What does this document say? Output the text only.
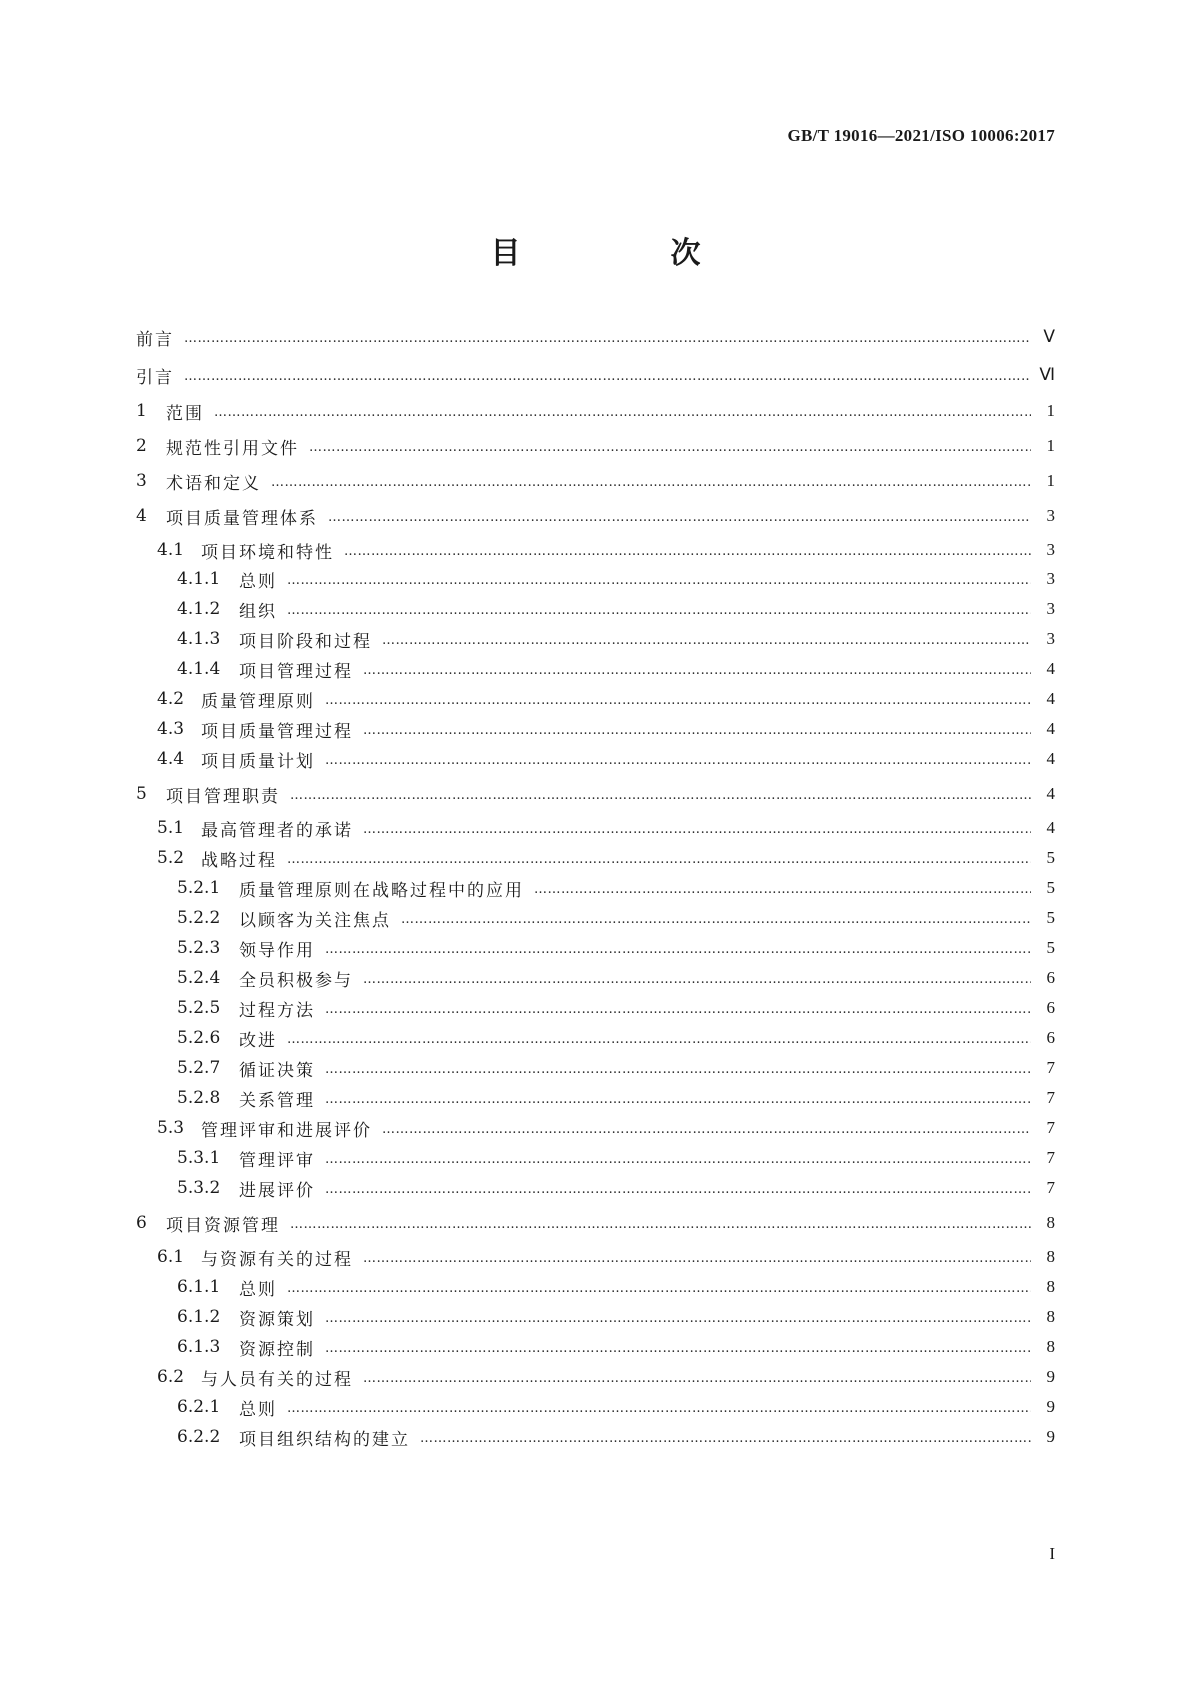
GB/T 19016—2021/ISO 10006:2017
目　次
前言 …………………………………………………………………………………………………………………………………………………………………………………………………………	Ⅴ
引言 …………………………………………………………………………………………………………………………………………………………………………………………………………	Ⅵ
1	范围 …………………………………………………………………………………………………………………………………………………………………………………………………………	1
2	规范性引用文件 …………………………………………………………………………………………………………………………………………………………………………………………………………	1
3	术语和定义 …………………………………………………………………………………………………………………………………………………………………………………………………………	1
4	项目质量管理体系 …………………………………………………………………………………………………………………………………………………………………………………………………………	3
4.1 项目环境和特性 …………………………………………………………………………………………………………………………………………………………………………………………………………	3
4.1.1	总则 …………………………………………………………………………………………………………………………………………………………………………………………………………	3
4.1.2	组织 …………………………………………………………………………………………………………………………………………………………………………………………………………	3
4.1.3	项目阶段和过程 …………………………………………………………………………………………………………………………………………………………………………………………………………	3
4.1.4	项目管理过程 …………………………………………………………………………………………………………………………………………………………………………………………………………	4
4.2 质量管理原则 …………………………………………………………………………………………………………………………………………………………………………………………………………	4
4.3 项目质量管理过程 …………………………………………………………………………………………………………………………………………………………………………………………………………	4
4.4 项目质量计划 …………………………………………………………………………………………………………………………………………………………………………………………………………	4
5	项目管理职责 …………………………………………………………………………………………………………………………………………………………………………………………………………	4
5.1 最高管理者的承诺 …………………………………………………………………………………………………………………………………………………………………………………………………………	4
5.2 战略过程 …………………………………………………………………………………………………………………………………………………………………………………………………………	5
5.2.1	质量管理原则在战略过程中的应用 …………………………………………………………………………………………………………………………………………………………………………………………………………	5
5.2.2	以顾客为关注焦点 …………………………………………………………………………………………………………………………………………………………………………………………………………	5
5.2.3	领导作用 …………………………………………………………………………………………………………………………………………………………………………………………………………	5
5.2.4	全员积极参与 …………………………………………………………………………………………………………………………………………………………………………………………………………	6
5.2.5	过程方法 …………………………………………………………………………………………………………………………………………………………………………………………………………	6
5.2.6	改进 …………………………………………………………………………………………………………………………………………………………………………………………………………	6
5.2.7	循证决策 …………………………………………………………………………………………………………………………………………………………………………………………………………	7
5.2.8	关系管理 …………………………………………………………………………………………………………………………………………………………………………………………………………	7
5.3 管理评审和进展评价 …………………………………………………………………………………………………………………………………………………………………………………………………………	7
5.3.1	管理评审 …………………………………………………………………………………………………………………………………………………………………………………………………………	7
5.3.2	进展评价 …………………………………………………………………………………………………………………………………………………………………………………………………………	7
6	项目资源管理 …………………………………………………………………………………………………………………………………………………………………………………………………………	8
6.1 与资源有关的过程 …………………………………………………………………………………………………………………………………………………………………………………………………………	8
6.1.1	总则 …………………………………………………………………………………………………………………………………………………………………………………………………………	8
6.1.2	资源策划 …………………………………………………………………………………………………………………………………………………………………………………………………………	8
6.1.3	资源控制 …………………………………………………………………………………………………………………………………………………………………………………………………………	8
6.2 与人员有关的过程 …………………………………………………………………………………………………………………………………………………………………………………………………………	9
6.2.1	总则 …………………………………………………………………………………………………………………………………………………………………………………………………………	9
6.2.2	项目组织结构的建立 …………………………………………………………………………………………………………………………………………………………………………………………………………	9
I
